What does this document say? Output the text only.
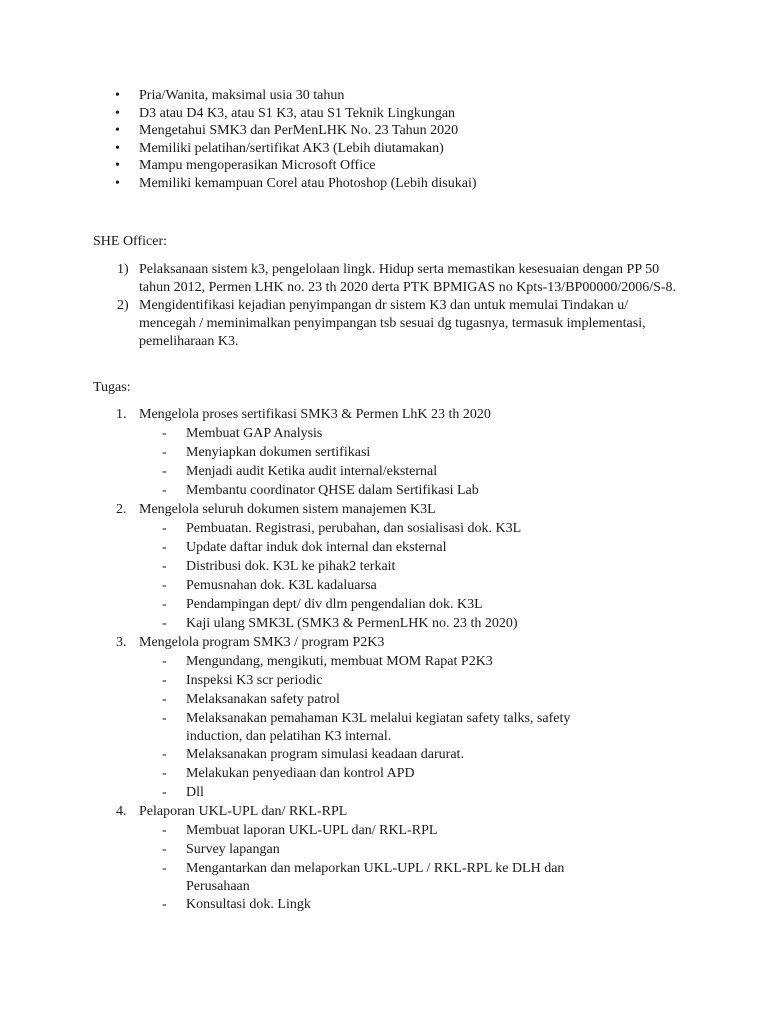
• Pria/Wanita, maksimal usia 30 tahun
• D3 atau D4 K3, atau S1 K3, atau S1 Teknik Lingkungan
• Mengetahui SMK3 dan PerMenLHK No. 23 Tahun 2020
• Memiliki pelatihan/sertifikat AK3 (Lebih diutamakan)
• Mampu mengoperasikan Microsoft Office
• Memiliki kemampuan Corel atau Photoshop (Lebih disukai)
SHE Officer:
1) Pelaksanaan sistem k3, pengelolaan lingk. Hidup serta memastikan kesesuaian dengan PP 50 tahun 2012, Permen LHK no. 23 th 2020 derta PTK BPMIGAS no Kpts-13/BP00000/2006/S-8.
2) Mengidentifikasi kejadian penyimpangan dr sistem K3 dan untuk memulai Tindakan u/ mencegah / meminimalkan penyimpangan tsb sesuai dg tugasnya, termasuk implementasi, pemeliharaan K3.
Tugas:
1. Mengelola proses sertifikasi SMK3 & Permen LhK 23 th 2020
- Membuat GAP Analysis
- Menyiapkan dokumen sertifikasi
- Menjadi audit Ketika audit internal/eksternal
- Membantu coordinator QHSE dalam Sertifikasi Lab
2. Mengelola seluruh dokumen sistem manajemen K3L
- Pembuatan. Registrasi, perubahan, dan sosialisasi dok. K3L
- Update daftar induk dok internal dan eksternal
- Distribusi dok. K3L ke pihak2 terkait
- Pemusnahan dok. K3L kadaluarsa
- Pendampingan dept/ div dlm pengendalian dok. K3L
- Kaji ulang SMK3L (SMK3 & PermenLHK no. 23 th 2020)
3. Mengelola program SMK3 / program P2K3
- Mengundang, mengikuti, membuat MOM Rapat P2K3
- Inspeksi K3 scr periodic
- Melaksanakan safety patrol
- Melaksanakan pemahaman K3L melalui kegiatan safety talks, safety induction, dan pelatihan K3 internal.
- Melaksanakan program simulasi keadaan darurat.
- Melakukan penyediaan dan kontrol APD
- Dll
4. Pelaporan UKL-UPL dan/ RKL-RPL
- Membuat laporan UKL-UPL dan/ RKL-RPL
- Survey lapangan
- Mengantarkan dan melaporkan UKL-UPL / RKL-RPL ke DLH dan Perusahaan
- Konsultasi dok. Lingk
